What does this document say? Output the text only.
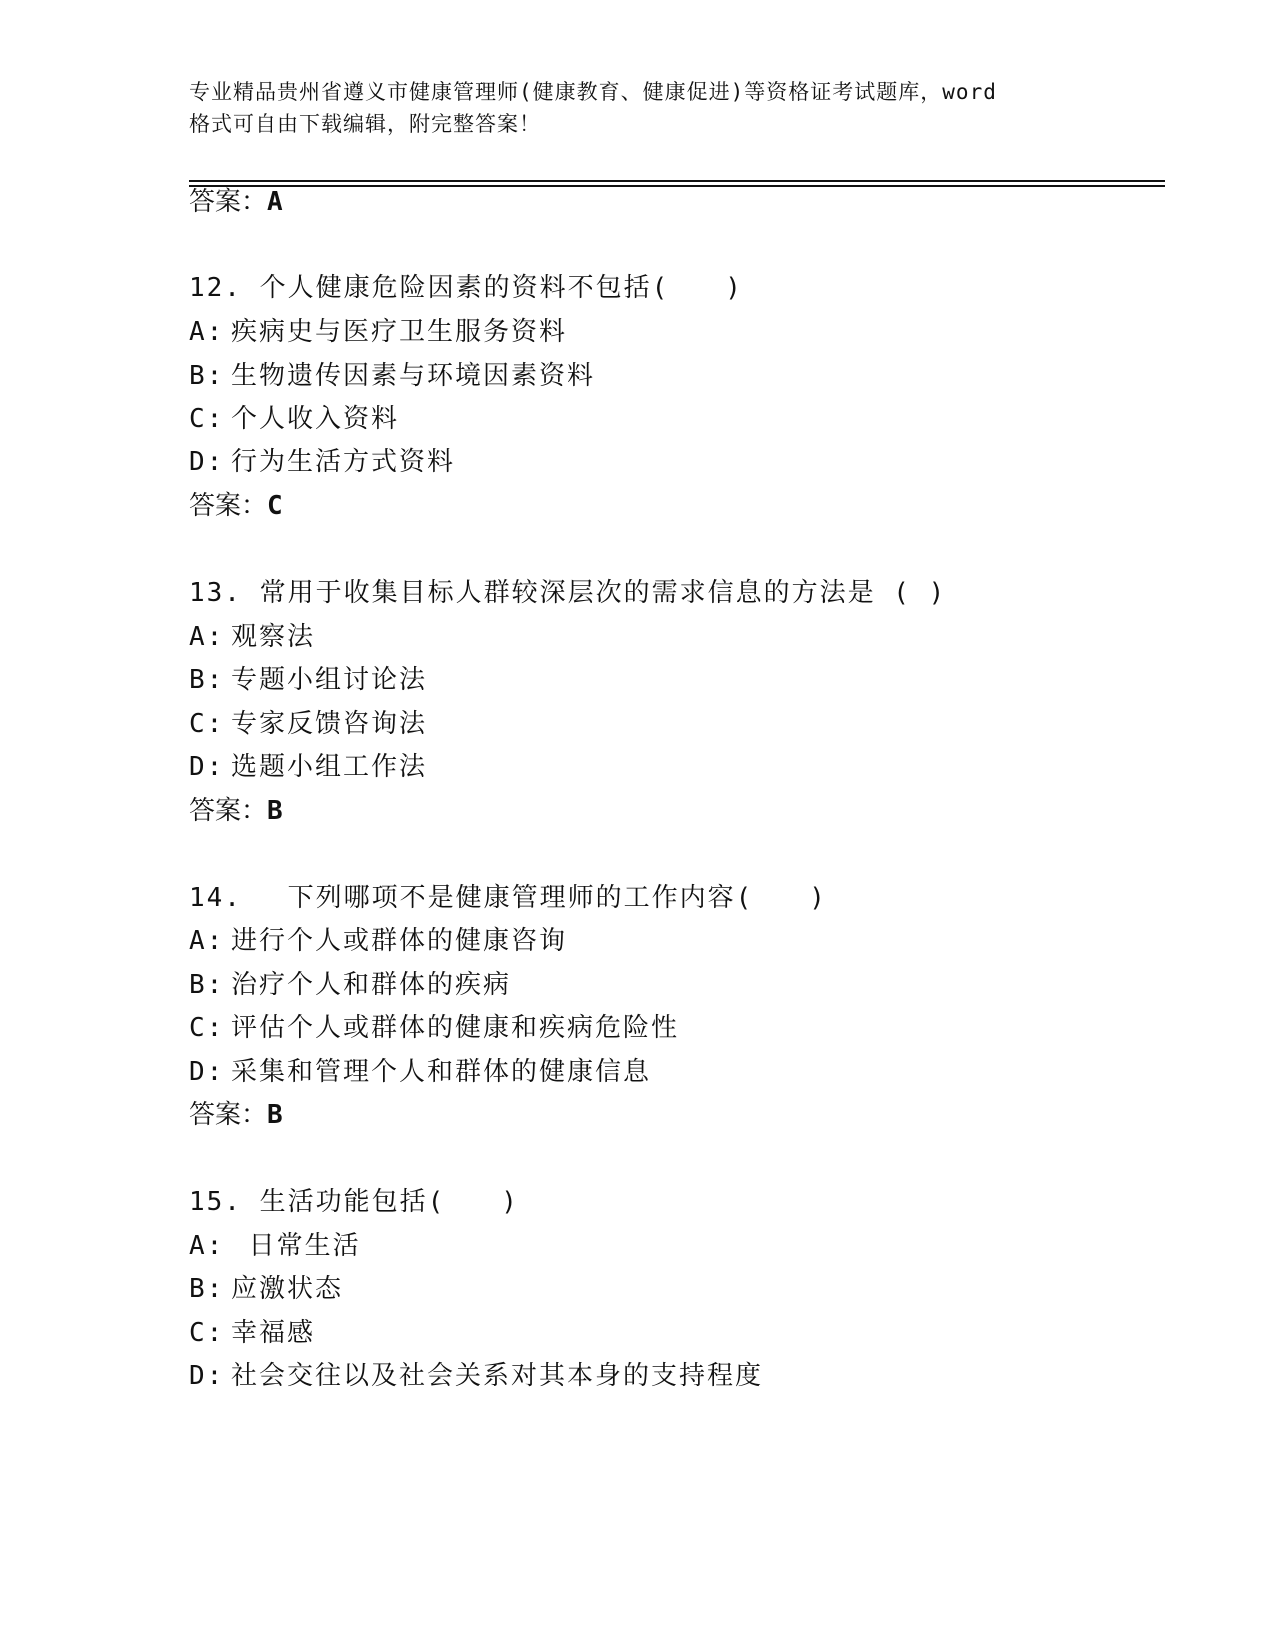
专业精品贵州省遵义市健康管理师(健康教育、健康促进)等资格证考试题库，word
格式可自由下载编辑，附完整答案！
答案：A
12. 个人健康危险因素的资料不包括(　　)
A: 疾病史与医疗卫生服务资料
B: 生物遗传因素与环境因素资料
C: 个人收入资料
D: 行为生活方式资料
答案：C
13. 常用于收集目标人群较深层次的需求信息的方法是 ( )
A: 观察法
B: 专题小组讨论法
C: 专家反馈咨询法
D: 选题小组工作法
答案：B
14. 　下列哪项不是健康管理师的工作内容(　　)
A: 进行个人或群体的健康咨询
B: 治疗个人和群体的疾病
C: 评估个人或群体的健康和疾病危险性
D: 采集和管理个人和群体的健康信息
答案：B
15. 生活功能包括(　　)
A: 日常生活
B: 应激状态
C: 幸福感
D: 社会交往以及社会关系对其本身的支持程度
